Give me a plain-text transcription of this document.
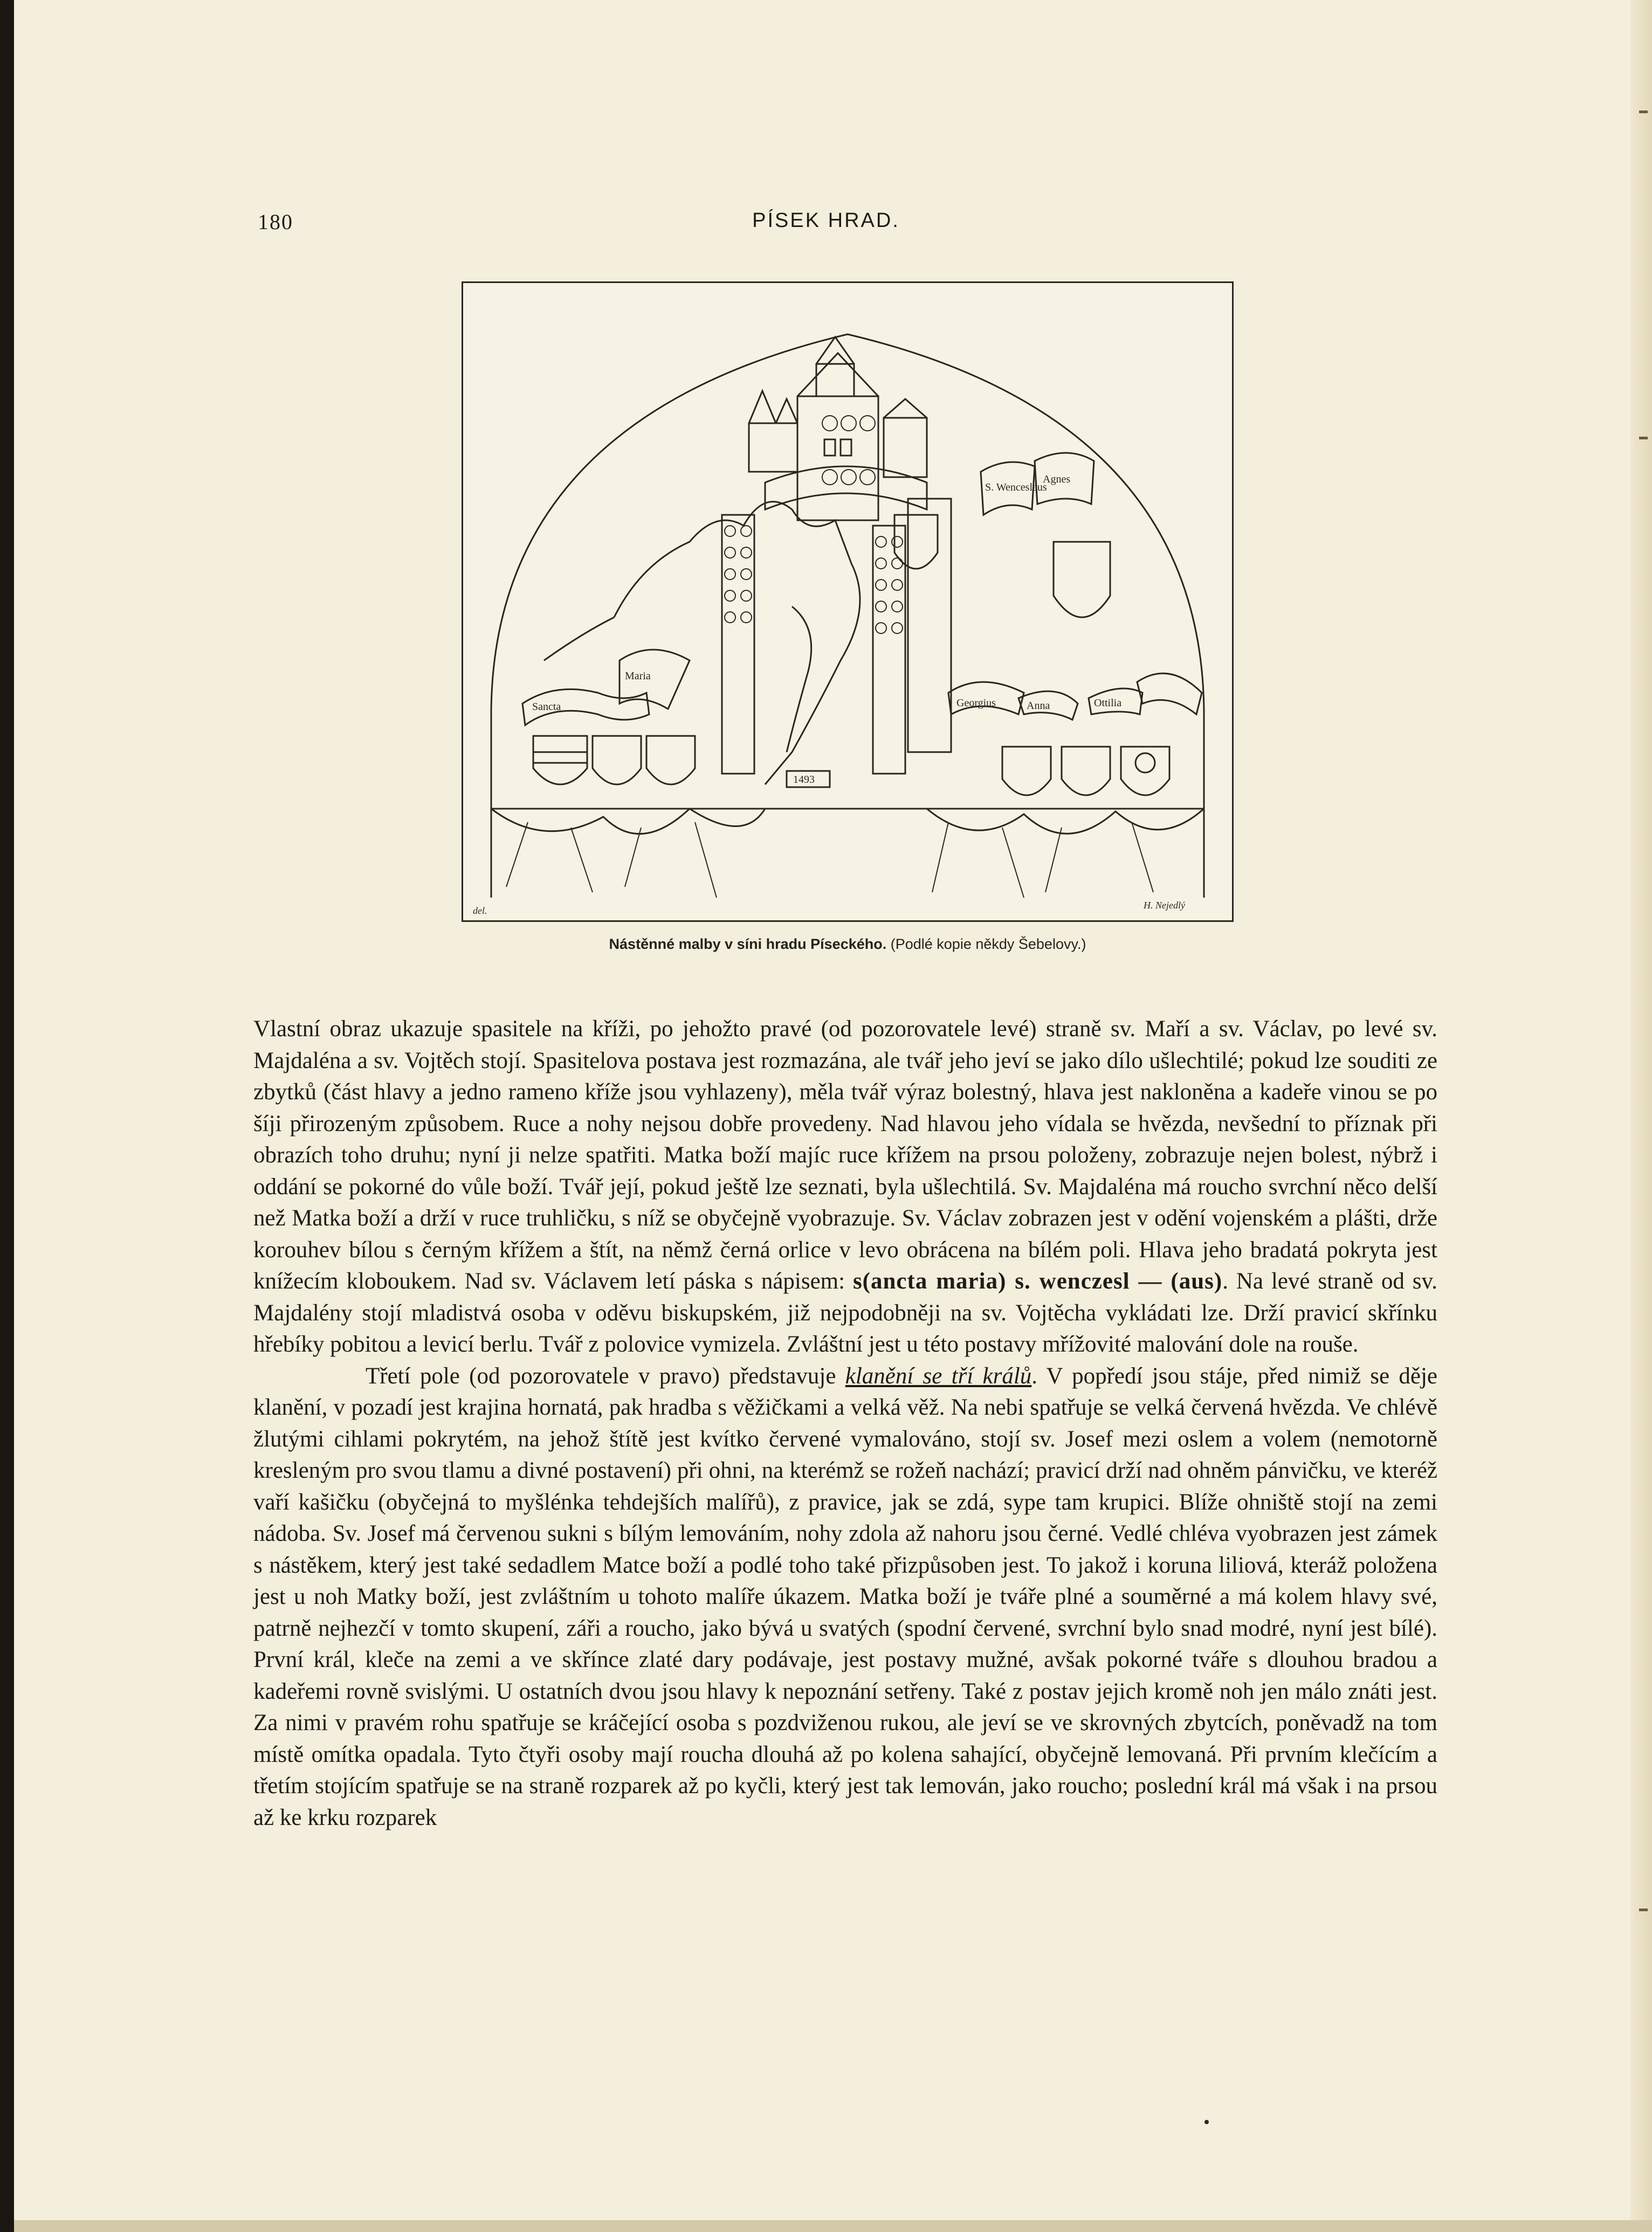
180	PÍSEK HRAD.
Sancta
Maria
S. Wenceslaus
Agnes
Georgius	Anna	Ottilia
1493
H. Nejedlý
del.
Nástěnné malby v síni hradu Píseckého. (Podlé kopie někdy Šebelovy.)

Vlastní obraz ukazuje spasitele na kříži, po jehožto pravé (od pozorovatele levé) straně sv. Maří a sv. Václav, po levé sv. Majdaléna a sv. Vojtěch stojí. Spasitelova postava jest rozmazána, ale tvář jeho jeví se jako dílo ušlechtilé; pokud lze souditi ze zbytků (část hlavy a jedno rameno kříže jsou vyhlazeny), měla tvář výraz bolestný, hlava jest nakloněna a kadeře vinou se po šíji přirozeným způsobem. Ruce a nohy nejsou dobře provedeny. Nad hlavou jeho vídala se hvězda, nevšední to příznak při obrazích toho druhu; nyní ji nelze spatřiti. Matka boží majíc ruce křížem na prsou položeny, zobrazuje nejen bolest, nýbrž i oddání se pokorné do vůle boží. Tvář její, pokud ještě lze seznati, byla ušlechtilá. Sv. Majdaléna má roucho svrchní něco delší než Matka boží a drží v ruce truhličku, s níž se obyčejně vyobrazuje. Sv. Václav zobrazen jest v odění vojenském a plášti, drže korouhev bílou s černým křížem a štít, na němž černá orlice v levo obrácena na bílém poli. Hlava jeho bradatá pokryta jest knížecím kloboukem. Nad sv. Václavem letí páska s nápisem: s(ancta maria) s. wenczesl — (aus). Na levé straně od sv. Majdalény stojí mladistvá osoba v oděvu biskupském, již nejpodobněji na sv. Vojtěcha vykládati lze. Drží pravicí skřínku hřebíky pobitou a levicí berlu. Tvář z polovice vymizela. Zvláštní jest u této postavy mřížovité malování dole na rouše.

Třetí pole (od pozorovatele v pravo) představuje klanění se tří králů. V popředí jsou stáje, před nimiž se děje klanění, v pozadí jest krajina hornatá, pak hradba s věžičkami a velká věž. Na nebi spatřuje se velká červená hvězda. Ve chlévě žlutými cihlami pokrytém, na jehož štítě jest kvítko červené vymalováno, stojí sv. Josef mezi oslem a volem (nemotorně kresleným pro svou tlamu a divné postavení) při ohni, na kterémž se rožeň nachází; pravicí drží nad ohněm pánvičku, ve kteréž vaří kašičku (obyčejná to myšlénka tehdejších malířů), z pravice, jak se zdá, sype tam krupici. Blíže ohniště stojí na zemi nádoba. Sv. Josef má červenou sukni s bílým lemováním, nohy zdola až nahoru jsou černé. Vedlé chléva vyobrazen jest zámek s nástěkem, který jest také sedadlem Matce boží a podlé toho také přizpůsoben jest. To jakož i koruna liliová, kteráž položena jest u noh Matky boží, jest zvláštním u tohoto malíře úkazem. Matka boží je tváře plné a souměrné a má kolem hlavy své, patrně nejhezčí v tomto skupení, záři a roucho, jako bývá u svatých (spodní červené, svrchní bylo snad modré, nyní jest bílé). První král, kleče na zemi a ve skřínce zlaté dary podávaje, jest postavy mužné, avšak pokorné tváře s dlouhou bradou a kadeřemi rovně svislými. U ostatních dvou jsou hlavy k nepoznání setřeny. Také z postav jejich kromě noh jen málo znáti jest. Za nimi v pravém rohu spatřuje se kráčející osoba s pozdviženou rukou, ale jeví se ve skrovných zbytcích, poněvadž na tom místě omítka opadala. Tyto čtyři osoby mají roucha dlouhá až po kolena sahající, obyčejně lemovaná. Při prvním klečícím a třetím stojícím spatřuje se na straně rozparek až po kyčli, který jest tak lemován, jako roucho; poslední král má však i na prsou až ke krku rozparek
